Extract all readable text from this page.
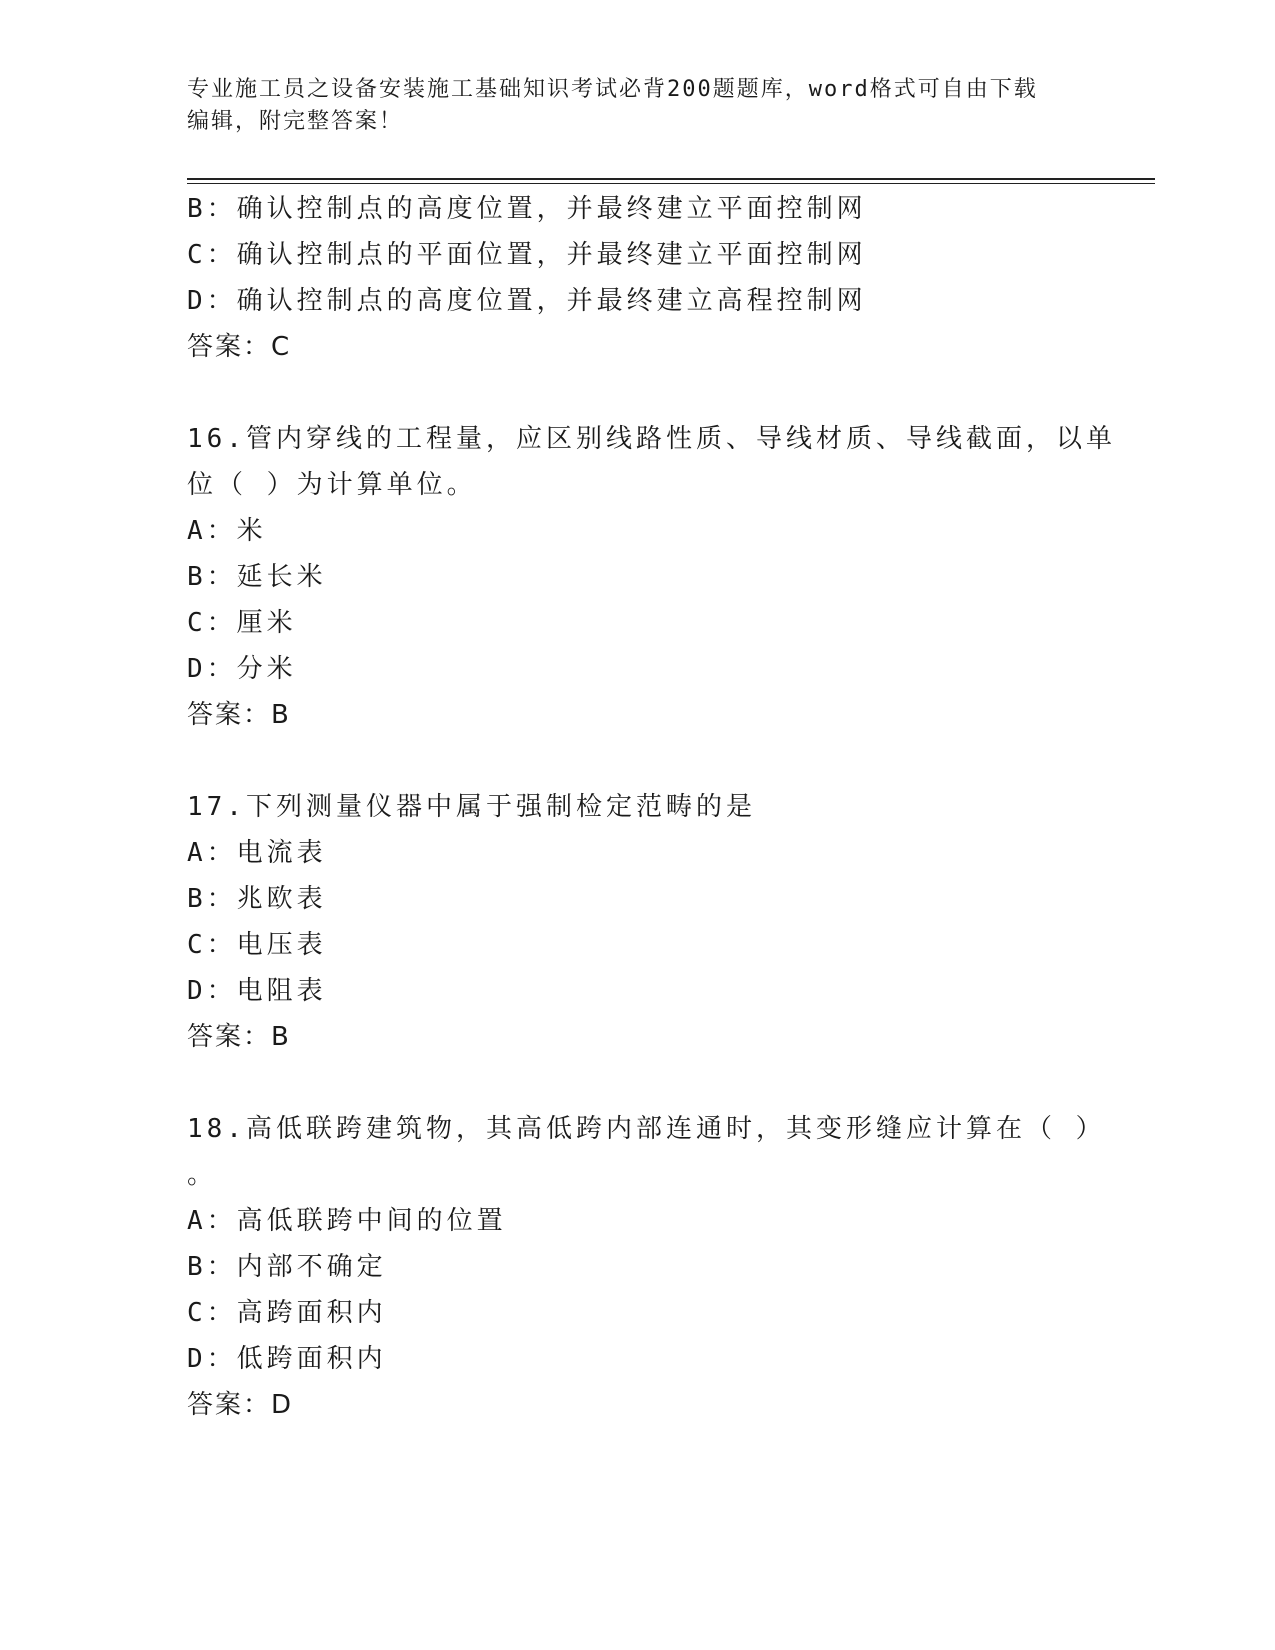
专业施工员之设备安装施工基础知识考试必背200题题库，word格式可自由下载
编辑，附完整答案！
B：确认控制点的高度位置，并最终建立平面控制网
C：确认控制点的平面位置，并最终建立平面控制网
D：确认控制点的高度位置，并最终建立高程控制网
答案：C
16.管内穿线的工程量，应区别线路性质、导线材质、导线截面，以单
位（ ）为计算单位。
A：米
B：延长米
C：厘米
D：分米
答案：B
17.下列测量仪器中属于强制检定范畴的是
A：电流表
B：兆欧表
C：电压表
D：电阻表
答案：B
18.高低联跨建筑物，其高低跨内部连通时，其变形缝应计算在（ ）
。
A：高低联跨中间的位置
B：内部不确定
C：高跨面积内
D：低跨面积内
答案：D
